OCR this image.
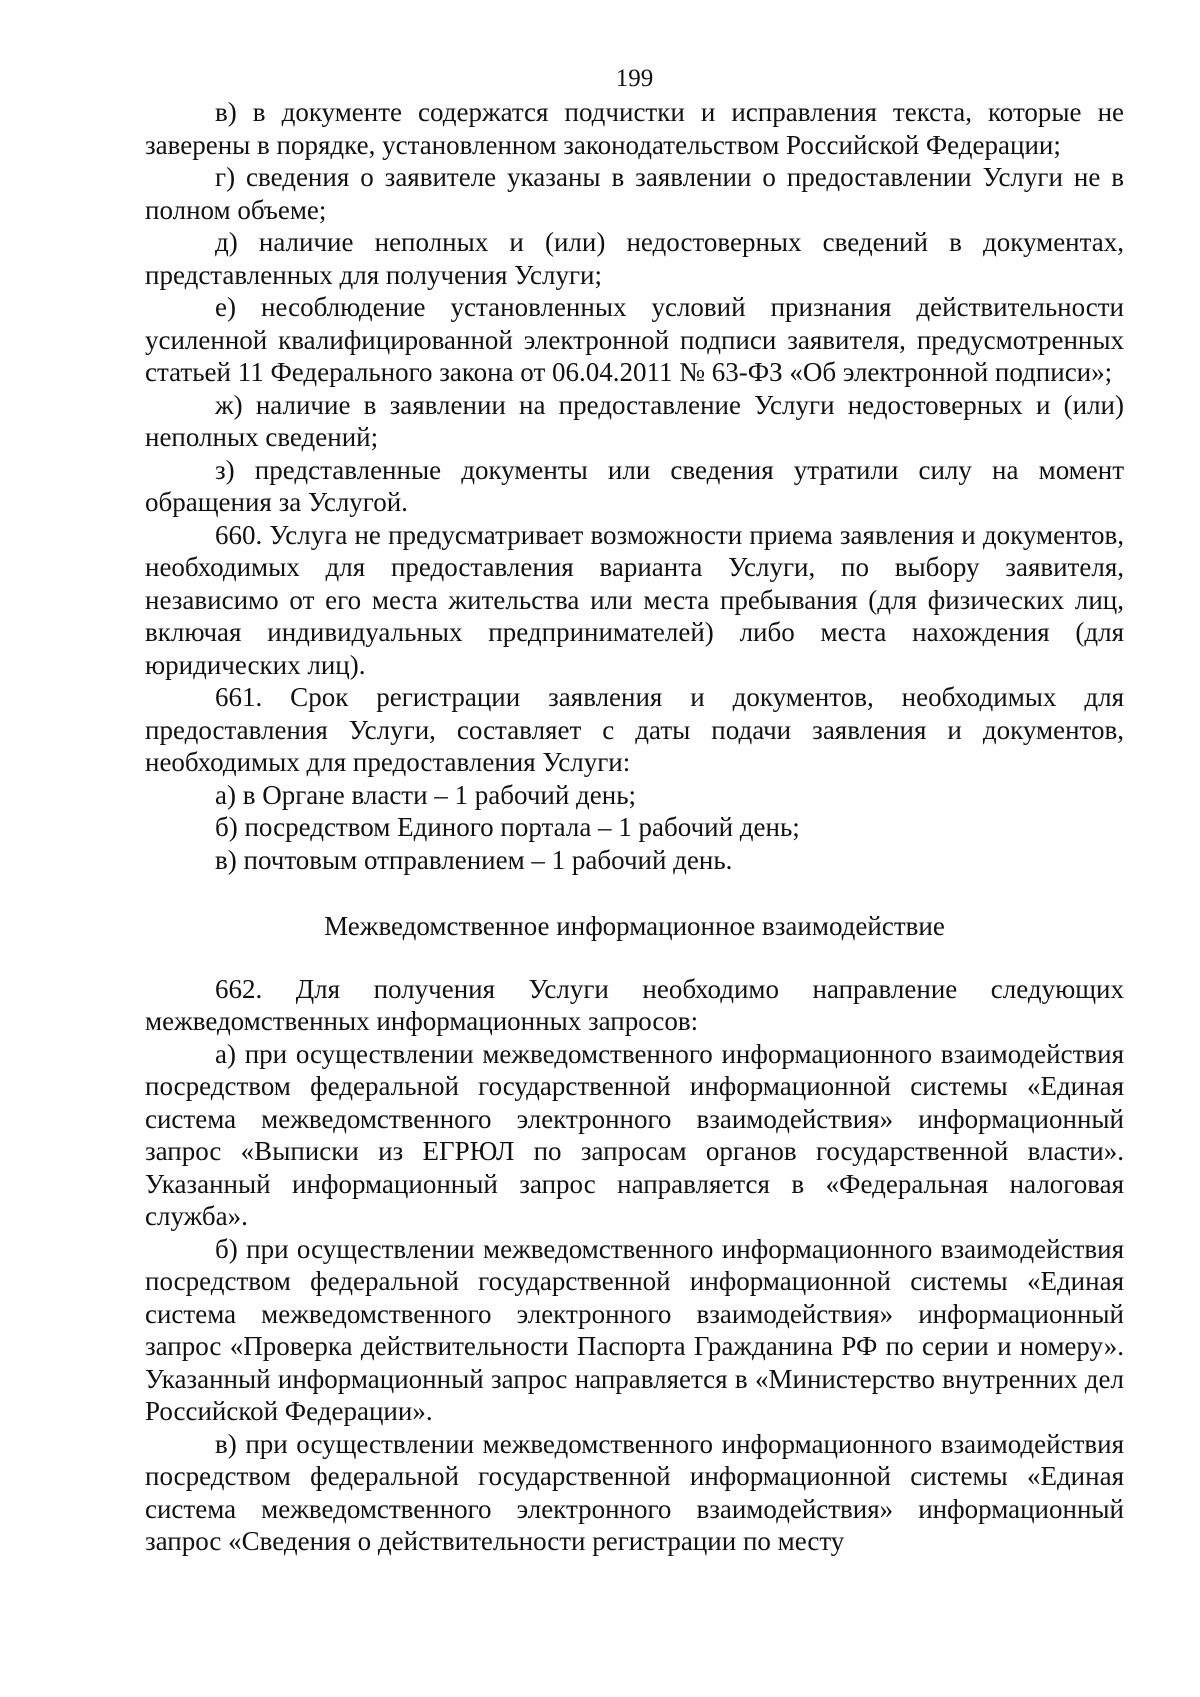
199

в) в документе содержатся подчистки и исправления текста, которые не заверены в порядке, установленном законодательством Российской Федерации;

г) сведения о заявителе указаны в заявлении о предоставлении Услуги не в полном объеме;

д) наличие неполных и (или) недостоверных сведений в документах, представленных для получения Услуги;

е) несоблюдение установленных условий признания действительности усиленной квалифицированной электронной подписи заявителя, предусмотренных статьей 11 Федерального закона от 06.04.2011 № 63-ФЗ «Об электронной подписи»;

ж) наличие в заявлении на предоставление Услуги недостоверных и (или) неполных сведений;

з) представленные документы или сведения утратили силу на момент обращения за Услугой.

660. Услуга не предусматривает возможности приема заявления и документов, необходимых для предоставления варианта Услуги, по выбору заявителя, независимо от его места жительства или места пребывания (для физических лиц, включая индивидуальных предпринимателей) либо места нахождения (для юридических лиц).

661. Срок регистрации заявления и документов, необходимых для предоставления Услуги, составляет с даты подачи заявления и документов, необходимых для предоставления Услуги:

а) в Органе власти – 1 рабочий день;

б) посредством Единого портала – 1 рабочий день;

в) почтовым отправлением – 1 рабочий день.

Межведомственное информационное взаимодействие

662. Для получения Услуги необходимо направление следующих межведомственных информационных запросов:

а) при осуществлении межведомственного информационного взаимодействия посредством федеральной государственной информационной системы «Единая система межведомственного электронного взаимодействия» информационный запрос «Выписки из ЕГРЮЛ по запросам органов государственной власти». Указанный информационный запрос направляется в «Федеральная налоговая служба».

б) при осуществлении межведомственного информационного взаимодействия посредством федеральной государственной информационной системы «Единая система межведомственного электронного взаимодействия» информационный запрос «Проверка действительности Паспорта Гражданина РФ по серии и номеру». Указанный информационный запрос направляется в «Министерство внутренних дел Российской Федерации».

в) при осуществлении межведомственного информационного взаимодействия посредством федеральной государственной информационной системы «Единая система межведомственного электронного взаимодействия» информационный запрос «Сведения о действительности регистрации по месту
